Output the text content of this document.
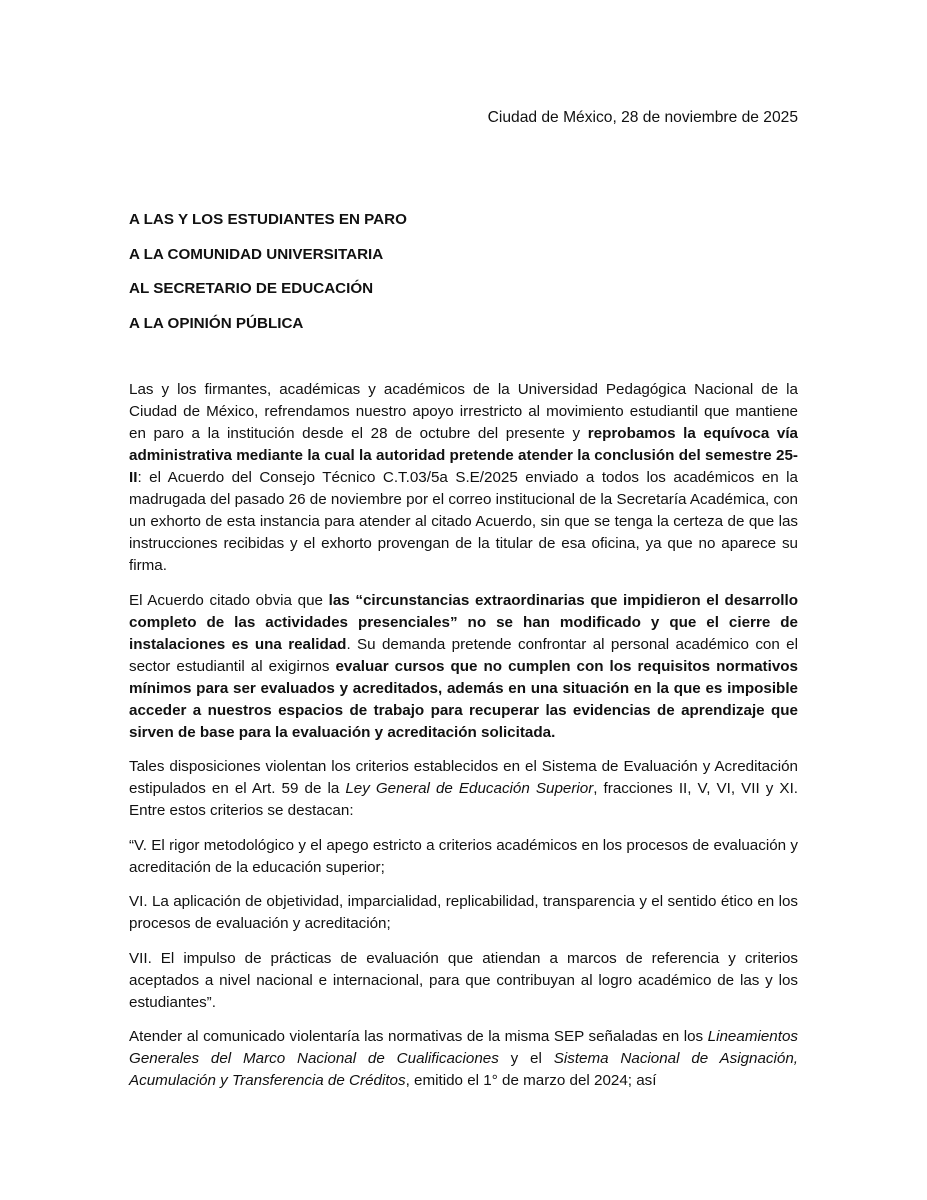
Ciudad de México, 28 de noviembre de 2025
A LAS Y LOS ESTUDIANTES EN PARO
A LA COMUNIDAD UNIVERSITARIA
AL SECRETARIO DE EDUCACIÓN
A LA OPINIÓN PÚBLICA

Las y los firmantes, académicas y académicos de la Universidad Pedagógica Nacional de la Ciudad de México, refrendamos nuestro apoyo irrestricto al movimiento estudiantil que mantiene en paro a la institución desde el 28 de octubre del presente y reprobamos la equívoca vía administrativa mediante la cual la autoridad pretende atender la conclusión del semestre 25-II: el Acuerdo del Consejo Técnico C.T.03/5a S.E/2025 enviado a todos los académicos en la madrugada del pasado 26 de noviembre por el correo institucional de la Secretaría Académica, con un exhorto de esta instancia para atender al citado Acuerdo, sin que se tenga la certeza de que las instrucciones recibidas y el exhorto provengan de la titular de esa oficina, ya que no aparece su firma.

El Acuerdo citado obvia que las “circunstancias extraordinarias que impidieron el desarrollo completo de las actividades presenciales” no se han modificado y que el cierre de instalaciones es una realidad. Su demanda pretende confrontar al personal académico con el sector estudiantil al exigirnos evaluar cursos que no cumplen con los requisitos normativos mínimos para ser evaluados y acreditados, además en una situación en la que es imposible acceder a nuestros espacios de trabajo para recuperar las evidencias de aprendizaje que sirven de base para la evaluación y acreditación solicitada.

Tales disposiciones violentan los criterios establecidos en el Sistema de Evaluación y Acreditación estipulados en el Art. 59 de la Ley General de Educación Superior, fracciones II, V, VI, VII y XI. Entre estos criterios se destacan:

“V. El rigor metodológico y el apego estricto a criterios académicos en los procesos de evaluación y acreditación de la educación superior;

VI. La aplicación de objetividad, imparcialidad, replicabilidad, transparencia y el sentido ético en los procesos de evaluación y acreditación;

VII. El impulso de prácticas de evaluación que atiendan a marcos de referencia y criterios aceptados a nivel nacional e internacional, para que contribuyan al logro académico de las y los estudiantes”.

Atender al comunicado violentaría las normativas de la misma SEP señaladas en los Lineamientos Generales del Marco Nacional de Cualificaciones y el Sistema Nacional de Asignación, Acumulación y Transferencia de Créditos, emitido el 1° de marzo del 2024; así
